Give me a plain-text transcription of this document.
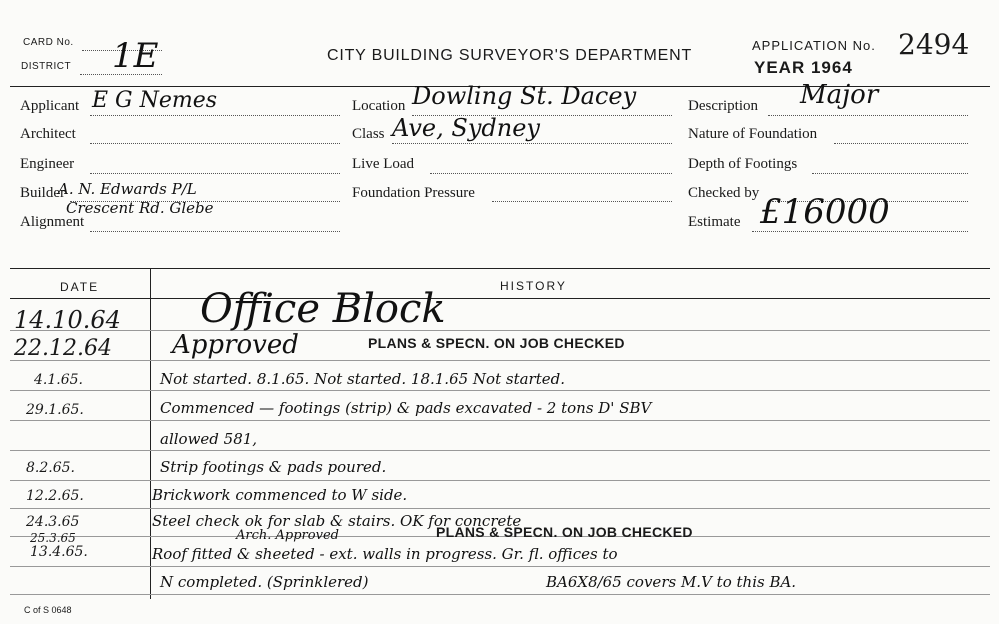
CARD No.
DISTRICT 1E	CITY BUILDING SURVEYOR'S DEPARTMENT
APPLICATION No. 2494
YEAR 1964
Applicant E G Nemes
Architect
Engineer
Builder
A. N. Edwards P/L
Crescent Rd. Glebe
Alignment
Location Dowling St. Dacey
Class Ave, Sydney
Live Load
Foundation Pressure
Description Major
Nature of Foundation
Depth of Footings
Checked by
Estimate £16000
DATE	HISTORY
14.10.64 Office Block
22.12.64 Approved	PLANS & SPECN. ON JOB CHECKED
4.1.65.	Not started. 8.1.65. Not started. 18.1.65 Not started.
29.1.65.	Commenced — footings (strip) & pads excavated - 2 tons D' SBV
allowed 581,
8.2.65.	Strip footings & pads poured.
12.2.65.	Brickwork commenced to W side.
24.3.65	Steel check ok for slab & stairs. OK for concrete
25.3.65	Arch. Approved	PLANS & SPECN. ON JOB CHECKED
13.4.65.	Roof fitted & sheeted - ext. walls in progress. Gr. fl. offices to
N completed. (Sprinklered)	BA6X8/65 covers M.V to this BA.
C of S 0648
